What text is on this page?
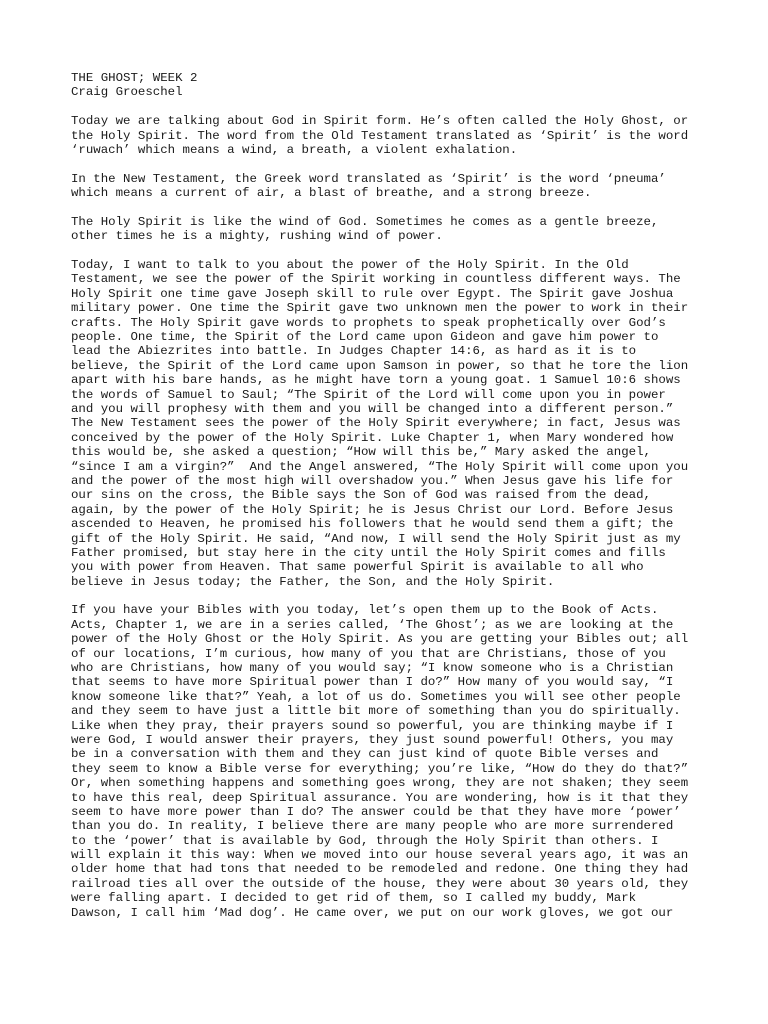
THE GHOST; WEEK 2
Craig Groeschel
Today we are talking about God in Spirit form. He’s often called the Holy Ghost, or
the Holy Spirit. The word from the Old Testament translated as ‘Spirit’ is the word
‘ruwach’ which means a wind, a breath, a violent exhalation.
In the New Testament, the Greek word translated as ‘Spirit’ is the word ‘pneuma’
which means a current of air, a blast of breathe, and a strong breeze.
The Holy Spirit is like the wind of God. Sometimes he comes as a gentle breeze,
other times he is a mighty, rushing wind of power.
Today, I want to talk to you about the power of the Holy Spirit. In the Old
Testament, we see the power of the Spirit working in countless different ways. The
Holy Spirit one time gave Joseph skill to rule over Egypt. The Spirit gave Joshua
military power. One time the Spirit gave two unknown men the power to work in their
crafts. The Holy Spirit gave words to prophets to speak prophetically over God’s
people. One time, the Spirit of the Lord came upon Gideon and gave him power to
lead the Abiezrites into battle. In Judges Chapter 14:6, as hard as it is to
believe, the Spirit of the Lord came upon Samson in power, so that he tore the lion
apart with his bare hands, as he might have torn a young goat. 1 Samuel 10:6 shows
the words of Samuel to Saul; “The Spirit of the Lord will come upon you in power
and you will prophesy with them and you will be changed into a different person.”
The New Testament sees the power of the Holy Spirit everywhere; in fact, Jesus was
conceived by the power of the Holy Spirit. Luke Chapter 1, when Mary wondered how
this would be, she asked a question; “How will this be,” Mary asked the angel,
“since I am a virgin?”  And the Angel answered, “The Holy Spirit will come upon you
and the power of the most high will overshadow you.” When Jesus gave his life for
our sins on the cross, the Bible says the Son of God was raised from the dead,
again, by the power of the Holy Spirit; he is Jesus Christ our Lord. Before Jesus
ascended to Heaven, he promised his followers that he would send them a gift; the
gift of the Holy Spirit. He said, “And now, I will send the Holy Spirit just as my
Father promised, but stay here in the city until the Holy Spirit comes and fills
you with power from Heaven. That same powerful Spirit is available to all who
believe in Jesus today; the Father, the Son, and the Holy Spirit.
If you have your Bibles with you today, let’s open them up to the Book of Acts.
Acts, Chapter 1, we are in a series called, ‘The Ghost’; as we are looking at the
power of the Holy Ghost or the Holy Spirit. As you are getting your Bibles out; all
of our locations, I’m curious, how many of you that are Christians, those of you
who are Christians, how many of you would say; “I know someone who is a Christian
that seems to have more Spiritual power than I do?” How many of you would say, “I
know someone like that?” Yeah, a lot of us do. Sometimes you will see other people
and they seem to have just a little bit more of something than you do spiritually.
Like when they pray, their prayers sound so powerful, you are thinking maybe if I
were God, I would answer their prayers, they just sound powerful! Others, you may
be in a conversation with them and they can just kind of quote Bible verses and
they seem to know a Bible verse for everything; you’re like, “How do they do that?”
Or, when something happens and something goes wrong, they are not shaken; they seem
to have this real, deep Spiritual assurance. You are wondering, how is it that they
seem to have more power than I do? The answer could be that they have more ‘power’
than you do. In reality, I believe there are many people who are more surrendered
to the ‘power’ that is available by God, through the Holy Spirit than others. I
will explain it this way: When we moved into our house several years ago, it was an
older home that had tons that needed to be remodeled and redone. One thing they had
railroad ties all over the outside of the house, they were about 30 years old, they
were falling apart. I decided to get rid of them, so I called my buddy, Mark
Dawson, I call him ‘Mad dog’. He came over, we put on our work gloves, we got our
